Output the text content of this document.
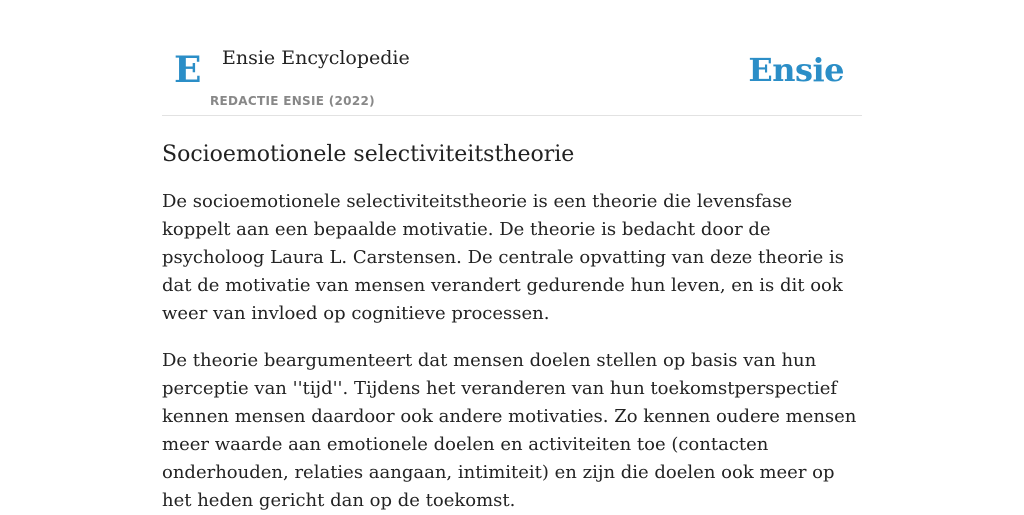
E Ensie Encyclopedie
REDACTIE ENSIE (2022)
Ensie
Socioemotionele selectiviteitstheorie

De socioemotionele selectiviteitstheorie is een theorie die levensfase koppelt aan een bepaalde motivatie. De theorie is bedacht door de psycholoog Laura L. Carstensen. De centrale opvatting van deze theorie is dat de motivatie van mensen verandert gedurende hun leven, en is dit ook weer van invloed op cognitieve processen.

De theorie beargumenteert dat mensen doelen stellen op basis van hun perceptie van ''tijd''. Tijdens het veranderen van hun toekomstperspectief kennen mensen daardoor ook andere motivaties. Zo kennen oudere mensen meer waarde aan emotionele doelen en activiteiten toe (contacten onderhouden, relaties aangaan, intimiteit) en zijn die doelen ook meer op het heden gericht dan op de toekomst.
